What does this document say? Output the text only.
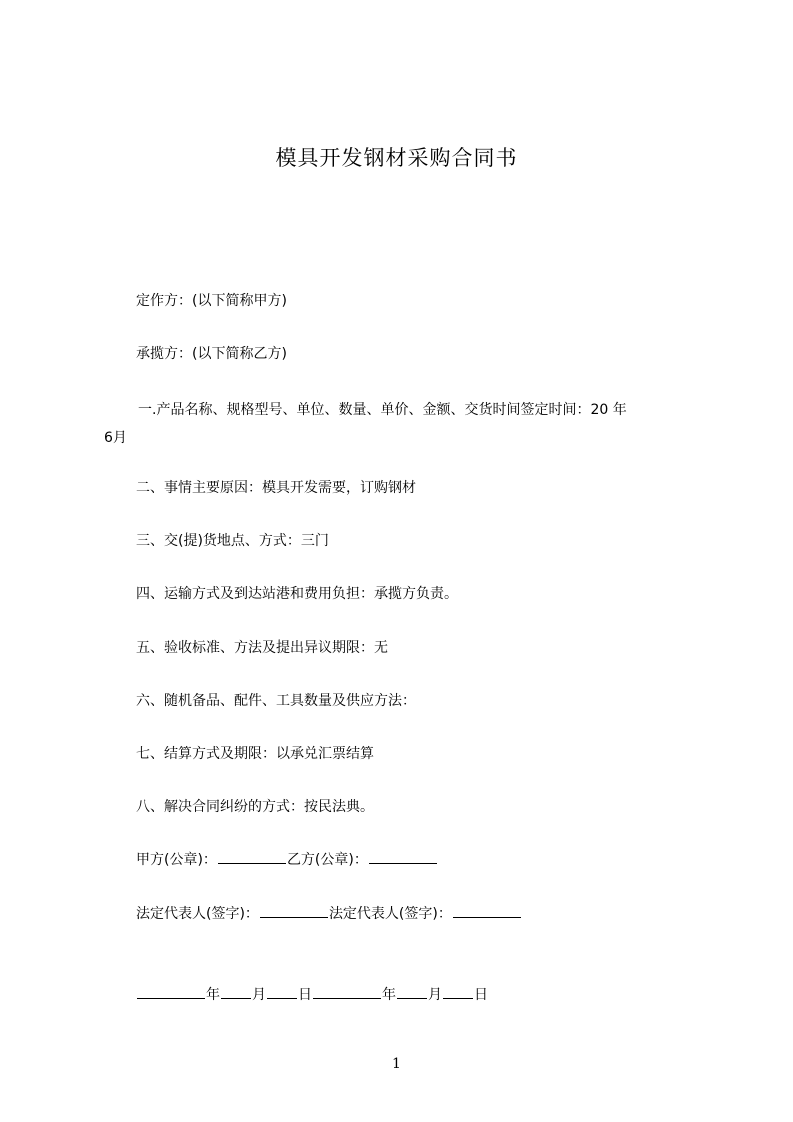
模具开发钢材采购合同书
定作方：(以下简称甲方)
承揽方：(以下简称乙方)
一.产品名称、规格型号、单位、数量、单价、金额、交货时间签定时间：20 年
6月
二、事情主要原因：模具开发需要，订购钢材
三、交(提)货地点、方式：三门
四、运输方式及到达站港和费用负担：承揽方负责。
五、验收标准、方法及提出异议期限：无
六、随机备品、配件、工具数量及供应方法：
七、结算方式及期限：以承兑汇票结算
八、解决合同纠纷的方式：按民法典。
甲方(公章)：	乙方(公章)：
法定代表人(签字)：	法定代表人(签字)：
年 月 日	年 月 日
1
